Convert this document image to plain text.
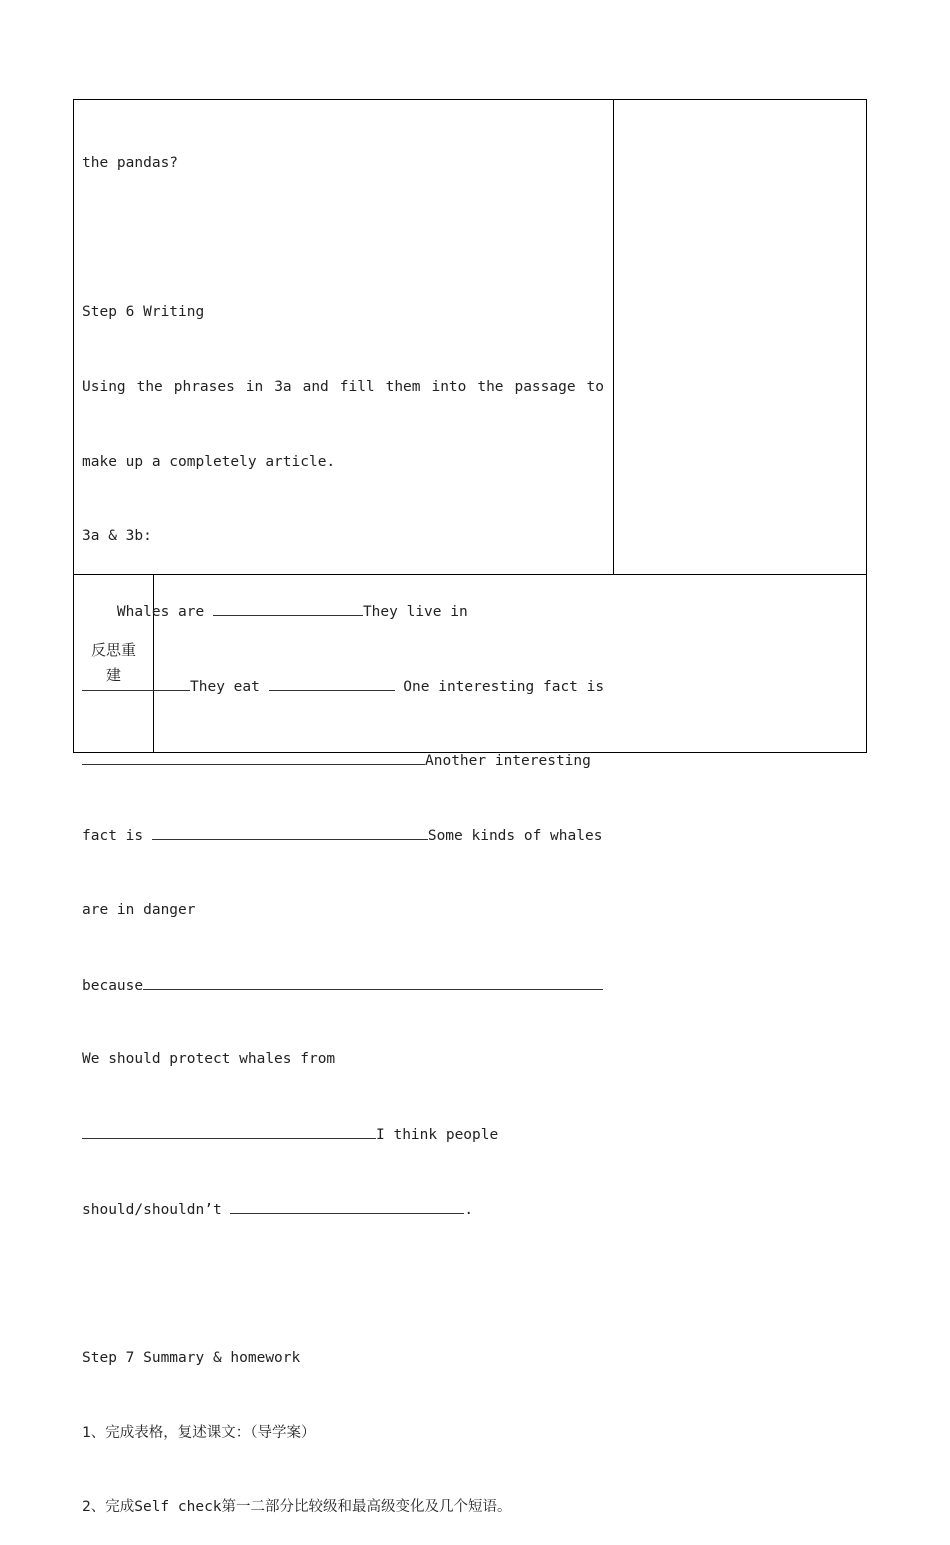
the pandas?

Step 6 Writing

Using the phrases in 3a and fill them into the passage to

make up a completely article.

3a & 3b:

Whales are	They live in

They eat	One interesting fact is

Another interesting

fact is	Some kinds of whales

are in danger

because

We should protect whales from

I think people

should/shouldn’t	.

Step 7 Summary & homework

1、完成表格，复述课文：（导学案）

2、完成Self check第一二部分比较级和最高级变化及几个短语。

反思重
建
